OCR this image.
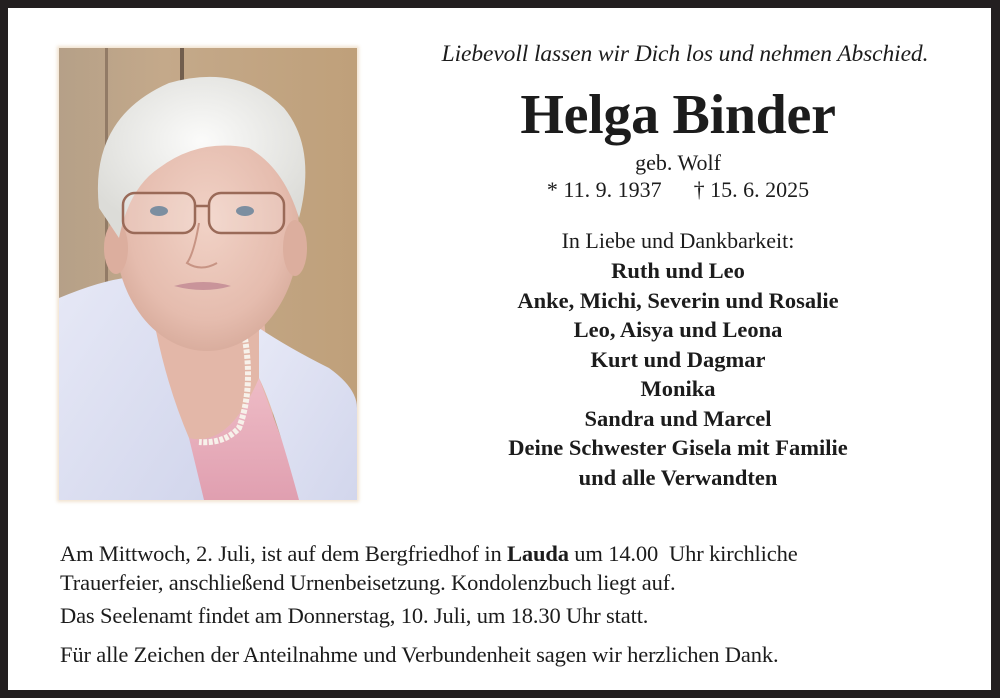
Liebevoll lassen wir Dich los und nehmen Abschied.

Helga Binder
geb. Wolf
* 11. 9. 1937 † 15. 6. 2025
In Liebe und Dankbarkeit:
Ruth und Leo
Anke, Michi, Severin und Rosalie
Leo, Aisya und Leona
Kurt und Dagmar
Monika
Sandra und Marcel
Deine Schwester Gisela mit Familie
und alle Verwandten

Am Mittwoch, 2. Juli, ist auf dem Bergfriedhof in Lauda um 14.00  Uhr kirchliche

Trauerfeier, anschließend Urnenbeisetzung. Kondolenzbuch liegt auf.

Das Seelenamt findet am Donnerstag, 10. Juli, um 18.30 Uhr statt.

Für alle Zeichen der Anteilnahme und Verbundenheit sagen wir herzlichen Dank.
